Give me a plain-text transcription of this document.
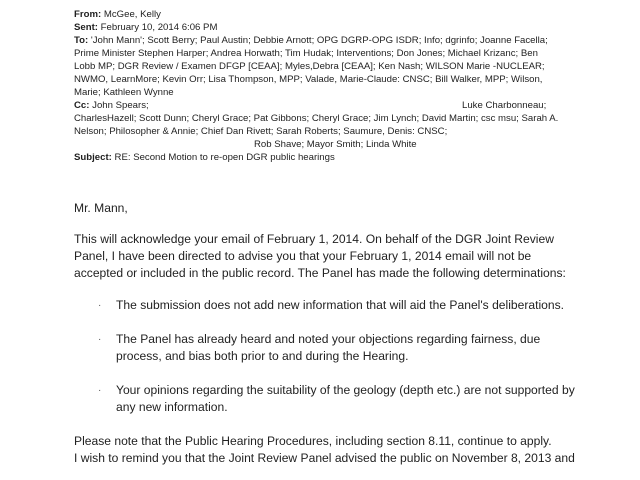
From: McGee, Kelly
Sent: February 10, 2014 6:06 PM
To: 'John Mann'; Scott Berry; Paul Austin; Debbie Arnott; OPG DGRP-OPG ISDR; Info; dgrinfo; Joanne Facella;
Prime Minister Stephen Harper; Andrea Horwath; Tim Hudak; Interventions; Don Jones; Michael Krizanc; Ben
Lobb MP; DGR Review / Examen DFGP [CEAA]; Myles,Debra [CEAA]; Ken Nash; WILSON Marie -NUCLEAR;
NWMO, LearnMore; Kevin Orr; Lisa Thompson, MPP; Valade, Marie-Claude: CNSC; Bill Walker, MPP; Wilson,
Marie; Kathleen Wynne
Cc: John Spears;	Luke Charbonneau;
CharlesHazell; Scott Dunn; Cheryl Grace; Pat Gibbons; Cheryl Grace; Jim Lynch; David Martin; csc msu; Sarah A.
Nelson; Philosopher & Annie; Chief Dan Rivett; Sarah Roberts; Saumure, Denis: CNSC;
Rob Shave; Mayor Smith; Linda White
Subject: RE: Second Motion to re-open DGR public hearings
Mr. Mann,
This will acknowledge your email of February 1, 2014. On behalf of the DGR Joint Review
Panel, I have been directed to advise you that your February 1, 2014 email will not be
accepted or included in the public record. The Panel has made the following determinations:
· The submission does not add new information that will aid the Panel's deliberations.
· The Panel has already heard and noted your objections regarding fairness, due
process, and bias both prior to and during the Hearing.
· Your opinions regarding the suitability of the geology (depth etc.) are not supported by
any new information.
Please note that the Public Hearing Procedures, including section 8.11, continue to apply.
I wish to remind you that the Joint Review Panel advised the public on November 8, 2013 and
